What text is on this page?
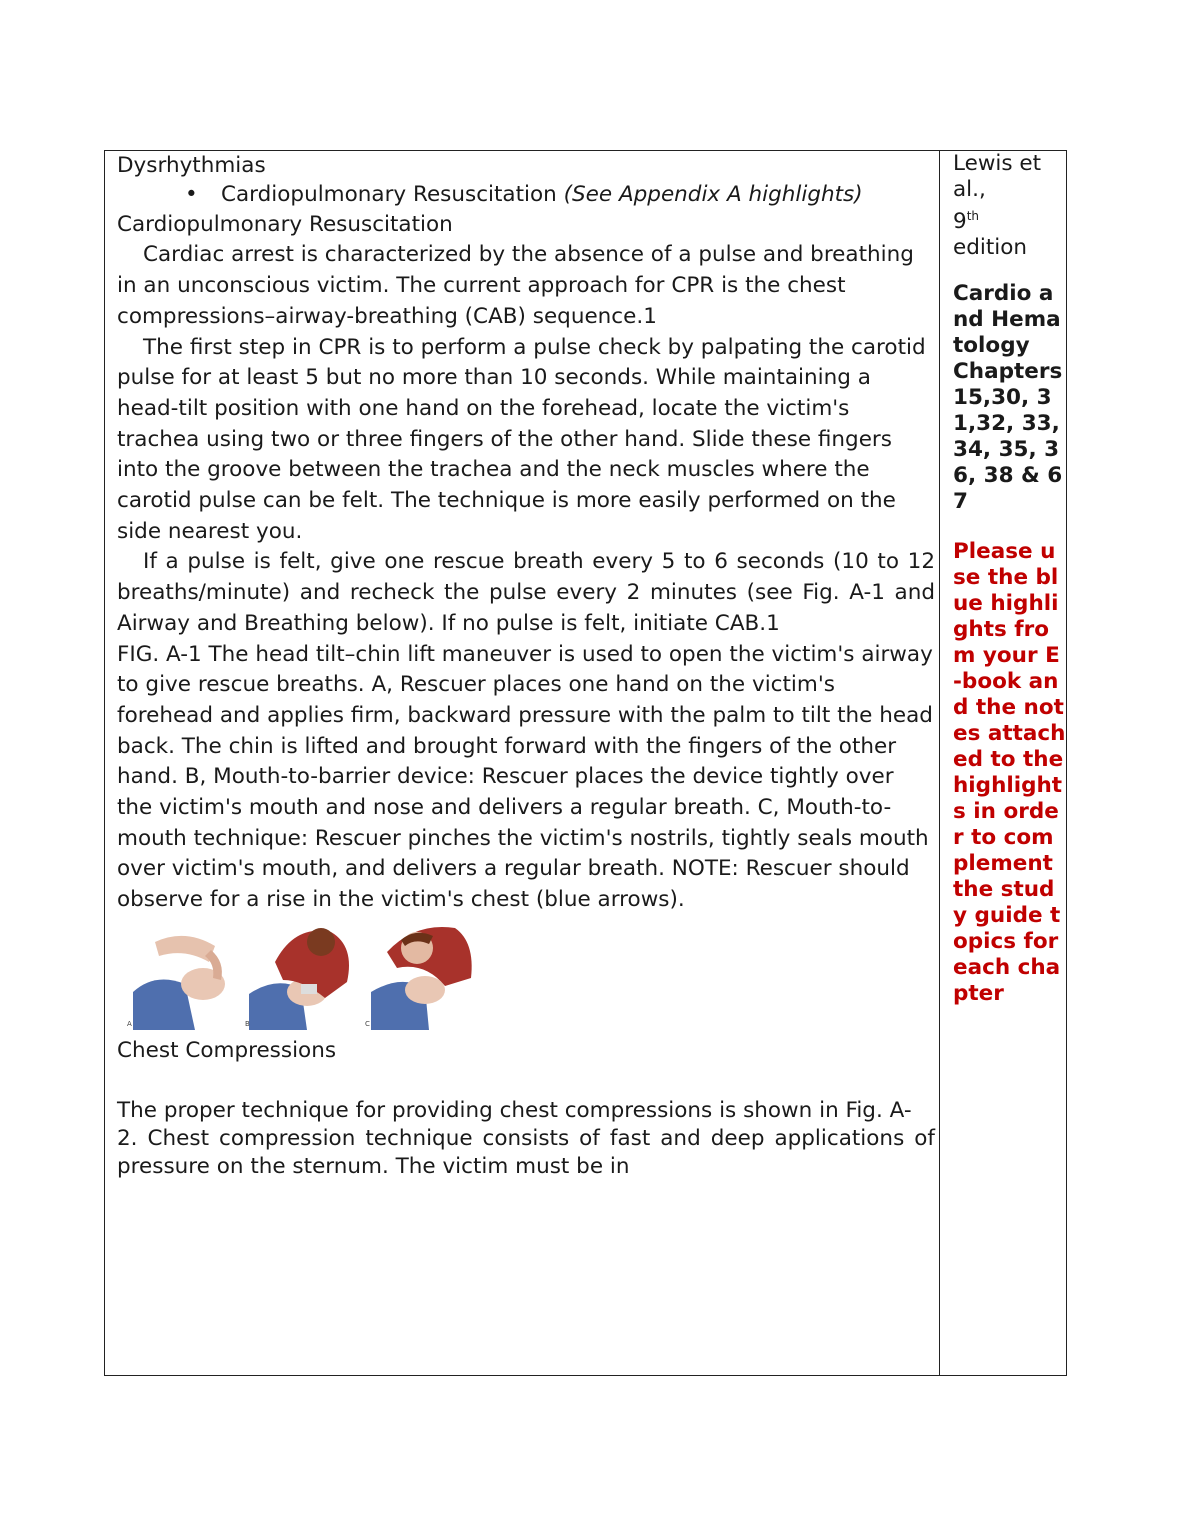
Dysrhythmias

• Cardiopulmonary Resuscitation (See Appendix A highlights)

Cardiopulmonary Resuscitation

Cardiac arrest is characterized by the absence of a pulse and breathing in an unconscious victim. The current approach for CPR is the chest compressions–airway-breathing (CAB) sequence.1

The first step in CPR is to perform a pulse check by palpating the carotid pulse for at least 5 but no more than 10 seconds. While maintaining a head-tilt position with one hand on the forehead, locate the victim's trachea using two or three fingers of the other hand. Slide these fingers into the groove between the trachea and the neck muscles where the carotid pulse can be felt. The technique is more easily performed on the side nearest you.

If a pulse is felt, give one rescue breath every 5 to 6 seconds (10 to 12 breaths/minute) and recheck the pulse every 2 minutes (see Fig. A-1 and Airway and Breathing below). If no pulse is felt, initiate CAB.1

FIG. A-1 The head tilt–chin lift maneuver is used to open the victim's airway to give rescue breaths. A, Rescuer places one hand on the victim's forehead and applies firm, backward pressure with the palm to tilt the head back. The chin is lifted and brought forward with the fingers of the other hand. B, Mouth-to-barrier device: Rescuer places the device tightly over the victim's mouth and nose and delivers a regular breath. C, Mouth-to-mouth technique: Rescuer pinches the victim's nostrils, tightly seals mouth over victim's mouth, and delivers a regular breath. NOTE: Rescuer should observe for a rise in the victim's chest (blue arrows).

A	B	C

Chest Compressions

The proper technique for providing chest compressions is shown in Fig. A-

2. Chest compression technique consists of fast and deep applications of pressure on the sternum. The victim must be in

Lewis et al.,

9th
edition

Cardio and Hematology

Chapters 15,30, 31,32, 33, 34, 35, 36, 38 & 67

Please use the blue highlights from your E-book and the notes attached to the highlights in order to complement the study guide topics for each chapter
